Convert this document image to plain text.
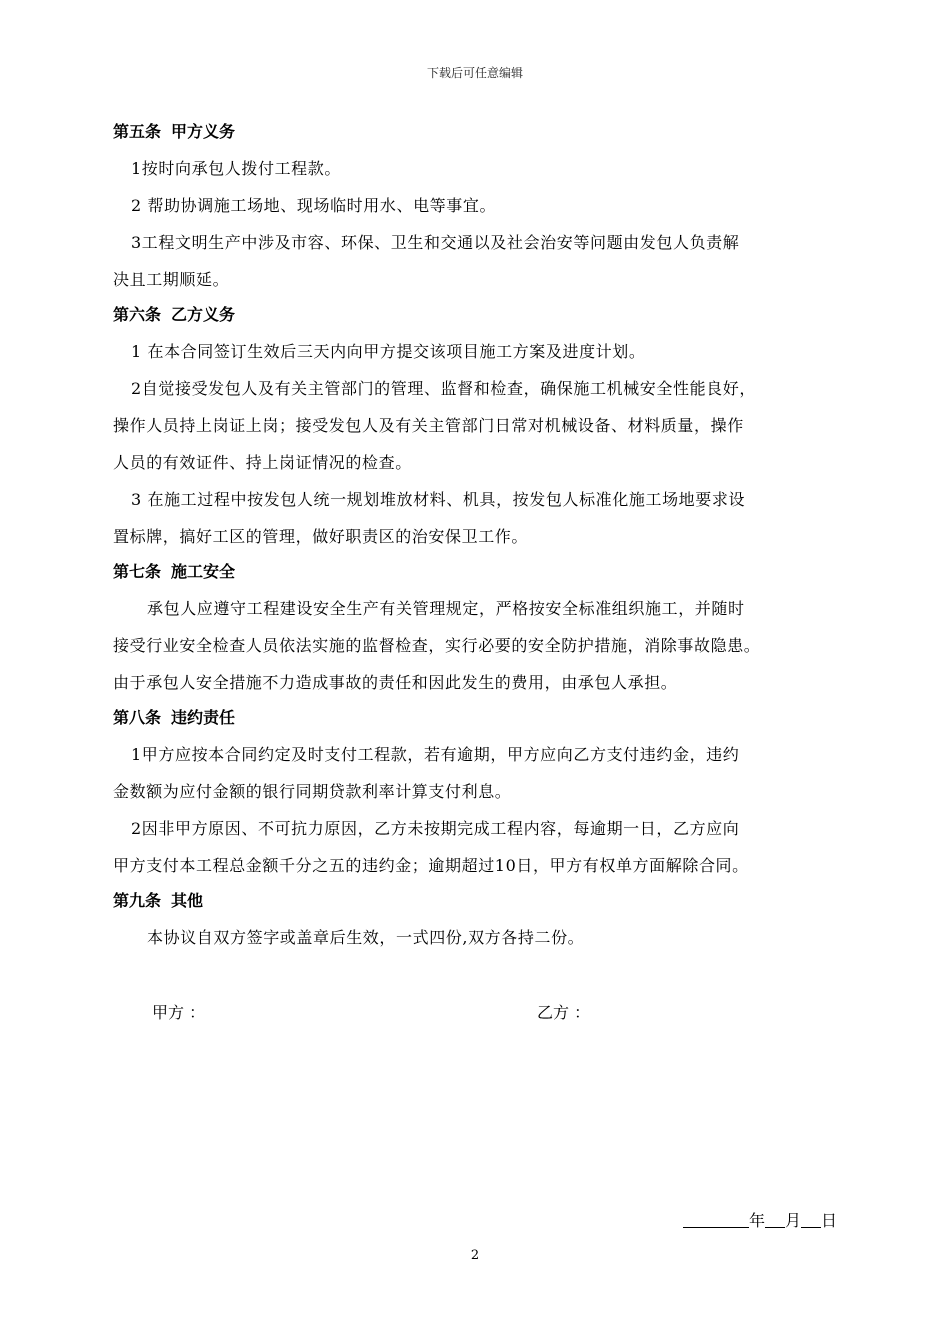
下载后可任意编辑
第五条 甲方义务

1按时向承包人拨付工程款。

2 帮助协调施工场地、现场临时用水、电等事宜。

3工程文明生产中涉及市容、环保、卫生和交通以及社会治安等问题由发包人负责解

决且工期顺延。

第六条 乙方义务

1 在本合同签订生效后三天内向甲方提交该项目施工方案及进度计划。

2自觉接受发包人及有关主管部门的管理、监督和检查，确保施工机械安全性能良好，

操作人员持上岗证上岗；接受发包人及有关主管部门日常对机械设备、材料质量，操作

人员的有效证件、持上岗证情况的检查。

3 在施工过程中按发包人统一规划堆放材料、机具，按发包人标准化施工场地要求设

置标牌，搞好工区的管理，做好职责区的治安保卫工作。

第七条 施工安全

承包人应遵守工程建设安全生产有关管理规定，严格按安全标准组织施工，并随时

接受行业安全检查人员依法实施的监督检查，实行必要的安全防护措施，消除事故隐患。

由于承包人安全措施不力造成事故的责任和因此发生的费用，由承包人承担。

第八条 违约责任

1甲方应按本合同约定及时支付工程款，若有逾期，甲方应向乙方支付违约金，违约

金数额为应付金额的银行同期贷款利率计算支付利息。

2因非甲方原因、不可抗力原因，乙方未按期完成工程内容，每逾期一日，乙方应向

甲方支付本工程总金额千分之五的违约金；逾期超过10日，甲方有权单方面解除合同。

第九条 其他

本协议自双方签字或盖章后生效，一式四份,双方各持二份。

甲方 ：	乙方 ：
年 月 日
2
